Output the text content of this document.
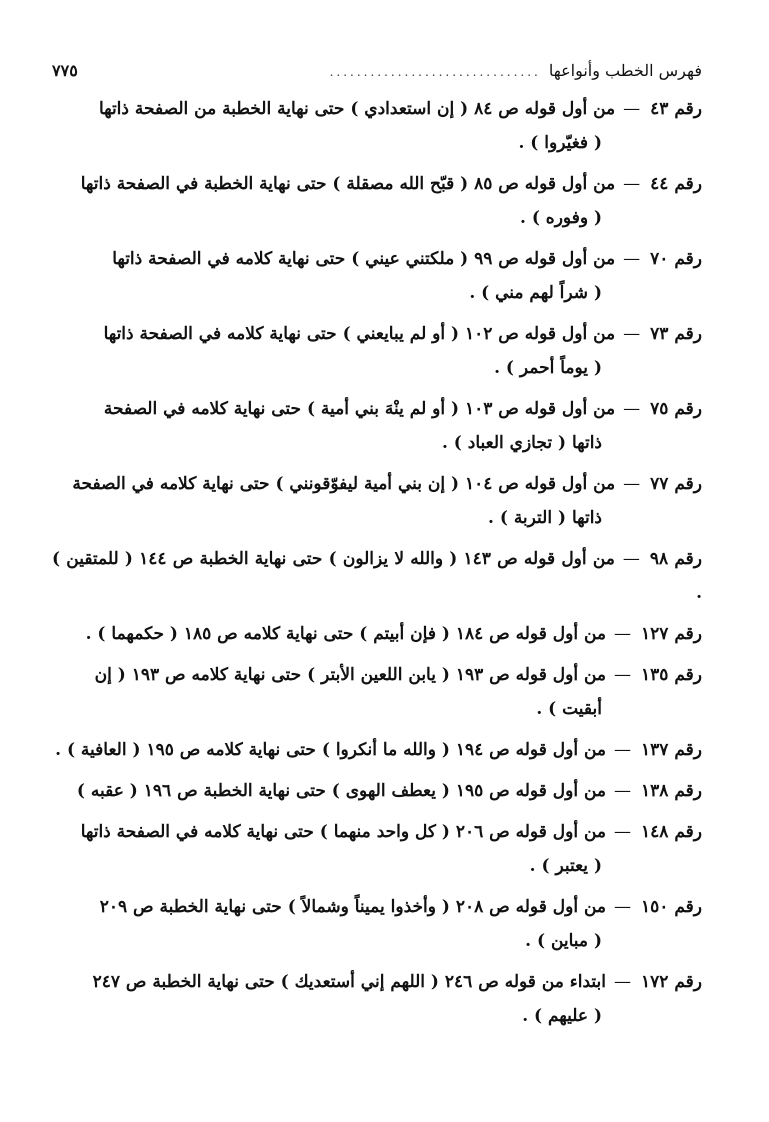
فهرس الخطب وأنواعها
...............................
٧٧٥
رقم ٤٣—من أول قوله ص ٨٤ ( إن استعدادي ) حتى نهاية الخطبة من الصفحة ذاتها
( فغيّروا ) .
رقم ٤٤—من أول قوله ص ٨٥ ( قبّح الله مصقلة ) حتى نهاية الخطبة في الصفحة ذاتها
( وفوره ) .
رقم ٧٠—من أول قوله ص ٩٩ ( ملكتني عيني ) حتى نهاية كلامه في الصفحة ذاتها
( شراً لهم مني ) .
رقم ٧٣—من أول قوله ص ١٠٢ ( أو لم يبايعني ) حتى نهاية كلامه في الصفحة ذاتها
( يوماً أحمر ) .
رقم ٧٥—من أول قوله ص ١٠٣ ( أو لم ينْهَ بني أمية ) حتى نهاية كلامه في الصفحة
ذاتها ( تجازي العباد ) .
رقم ٧٧—من أول قوله ص ١٠٤ ( إن بني أمية ليفوّقونني ) حتى نهاية كلامه في الصفحة
ذاتها ( التربة ) .
رقم ٩٨—من أول قوله ص ١٤٣ ( والله لا يزالون ) حتى نهاية الخطبة ص ١٤٤ ( للمتقين ) .
رقم ١٢٧—من أول قوله ص ١٨٤ ( فإن أبيتم ) حتى نهاية كلامه ص ١٨٥ ( حكمهما ) .
رقم ١٣٥—من أول قوله ص ١٩٣ ( يابن اللعين الأبتر ) حتى نهاية كلامه ص ١٩٣ ( إن
أبقيت ) .
رقم ١٣٧—من أول قوله ص ١٩٤ ( والله ما أنكروا ) حتى نهاية كلامه ص ١٩٥ ( العافية ) .
رقم ١٣٨—من أول قوله ص ١٩٥ ( يعطف الهوى ) حتى نهاية الخطبة ص ١٩٦ ( عقبه )
رقم ١٤٨—من أول قوله ص ٢٠٦ ( كل واحد منهما ) حتى نهاية كلامه في الصفحة ذاتها
( يعتبر ) .
رقم ١٥٠—من أول قوله ص ٢٠٨ ( وأخذوا يميناً وشمالاً ) حتى نهاية الخطبة ص ٢٠٩
( مباين ) .
رقم ١٧٢—ابتداء من قوله ص ٢٤٦ ( اللهم إني أستعديك ) حتى نهاية الخطبة ص ٢٤٧
( عليهم ) .
